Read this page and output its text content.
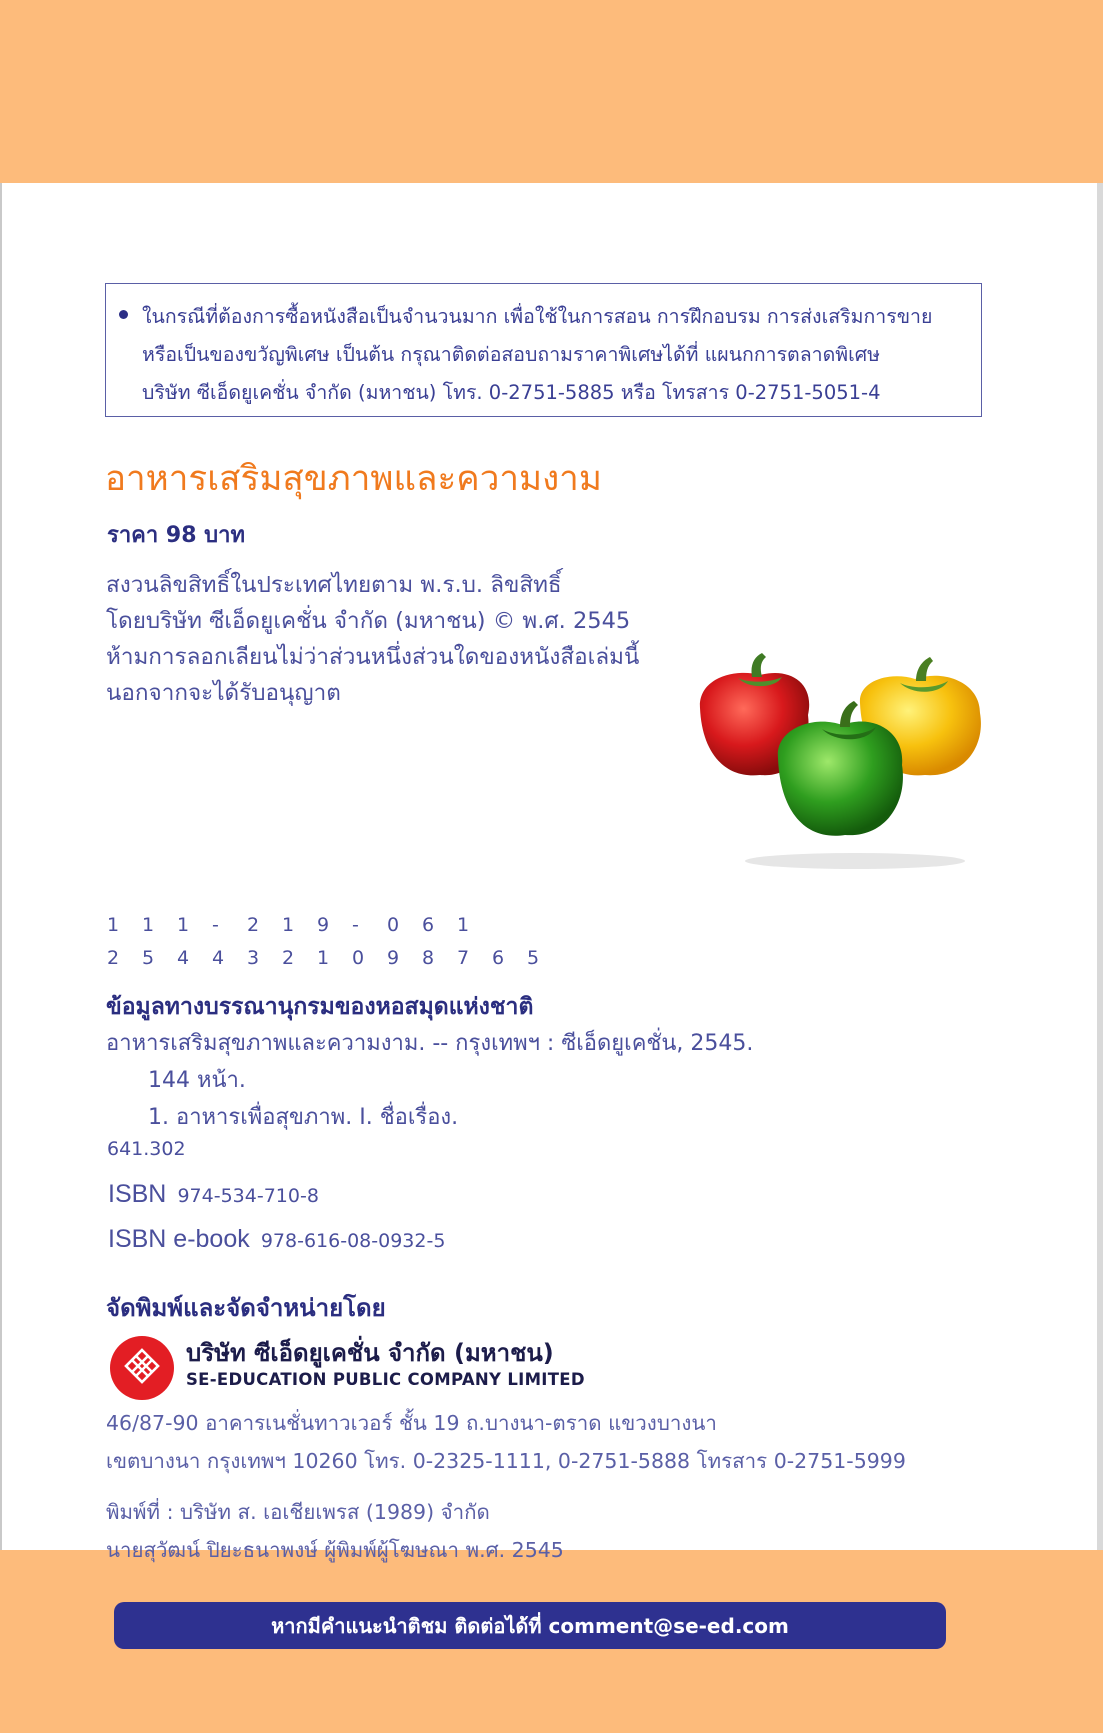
ในกรณีที่ต้องการซื้อหนังสือเป็นจำนวนมาก เพื่อใช้ในการสอน การฝึกอบรม การส่งเสริมการขาย

หรือเป็นของขวัญพิเศษ เป็นต้น กรุณาติดต่อสอบถามราคาพิเศษได้ที่ แผนกการตลาดพิเศษ

บริษัท ซีเอ็ดยูเคชั่น จำกัด (มหาชน) โทร. 0-2751-5885 หรือ โทรสาร 0-2751-5051-4

อาหารเสริมสุขภาพและความงาม
ราคา 98 บาท

สงวนลิขสิทธิ์ในประเทศไทยตาม พ.ร.บ. ลิขสิทธิ์

โดยบริษัท ซีเอ็ดยูเคชั่น จำกัด (มหาชน) © พ.ศ. 2545

ห้ามการลอกเลียนไม่ว่าส่วนหนึ่งส่วนใดของหนังสือเล่มนี้

นอกจากจะได้รับอนุญาต

1	1	1	-	2	1	9	-	0	6	1
2	5	4	4	3	2	1	0	9	8	7	6	5
ข้อมูลทางบรรณานุกรมของหอสมุดแห่งชาติ
อาหารเสริมสุขภาพและความงาม. -- กรุงเทพฯ : ซีเอ็ดยูเคชั่น, 2545.
144 หน้า.
1. อาหารเพื่อสุขภาพ. I. ชื่อเรื่อง.
641.302
ISBN 974-534-710-8
ISBN e-book 978-616-08-0932-5
จัดพิมพ์และจัดจำหน่ายโดย
บริษัท ซีเอ็ดยูเคชั่น จำกัด (มหาชน)
SE-EDUCATION PUBLIC COMPANY LIMITED
46/87-90 อาคารเนชั่นทาวเวอร์ ชั้น 19 ถ.บางนา-ตราด แขวงบางนา
เขตบางนา กรุงเทพฯ 10260 โทร. 0-2325-1111, 0-2751-5888 โทรสาร 0-2751-5999
พิมพ์ที่ : บริษัท ส. เอเชียเพรส (1989) จำกัด
นายสุวัฒน์ ปิยะธนาพงษ์ ผู้พิมพ์ผู้โฆษณา พ.ศ. 2545
หากมีคำแนะนำติชม ติดต่อได้ที่ comment@se-ed.com
